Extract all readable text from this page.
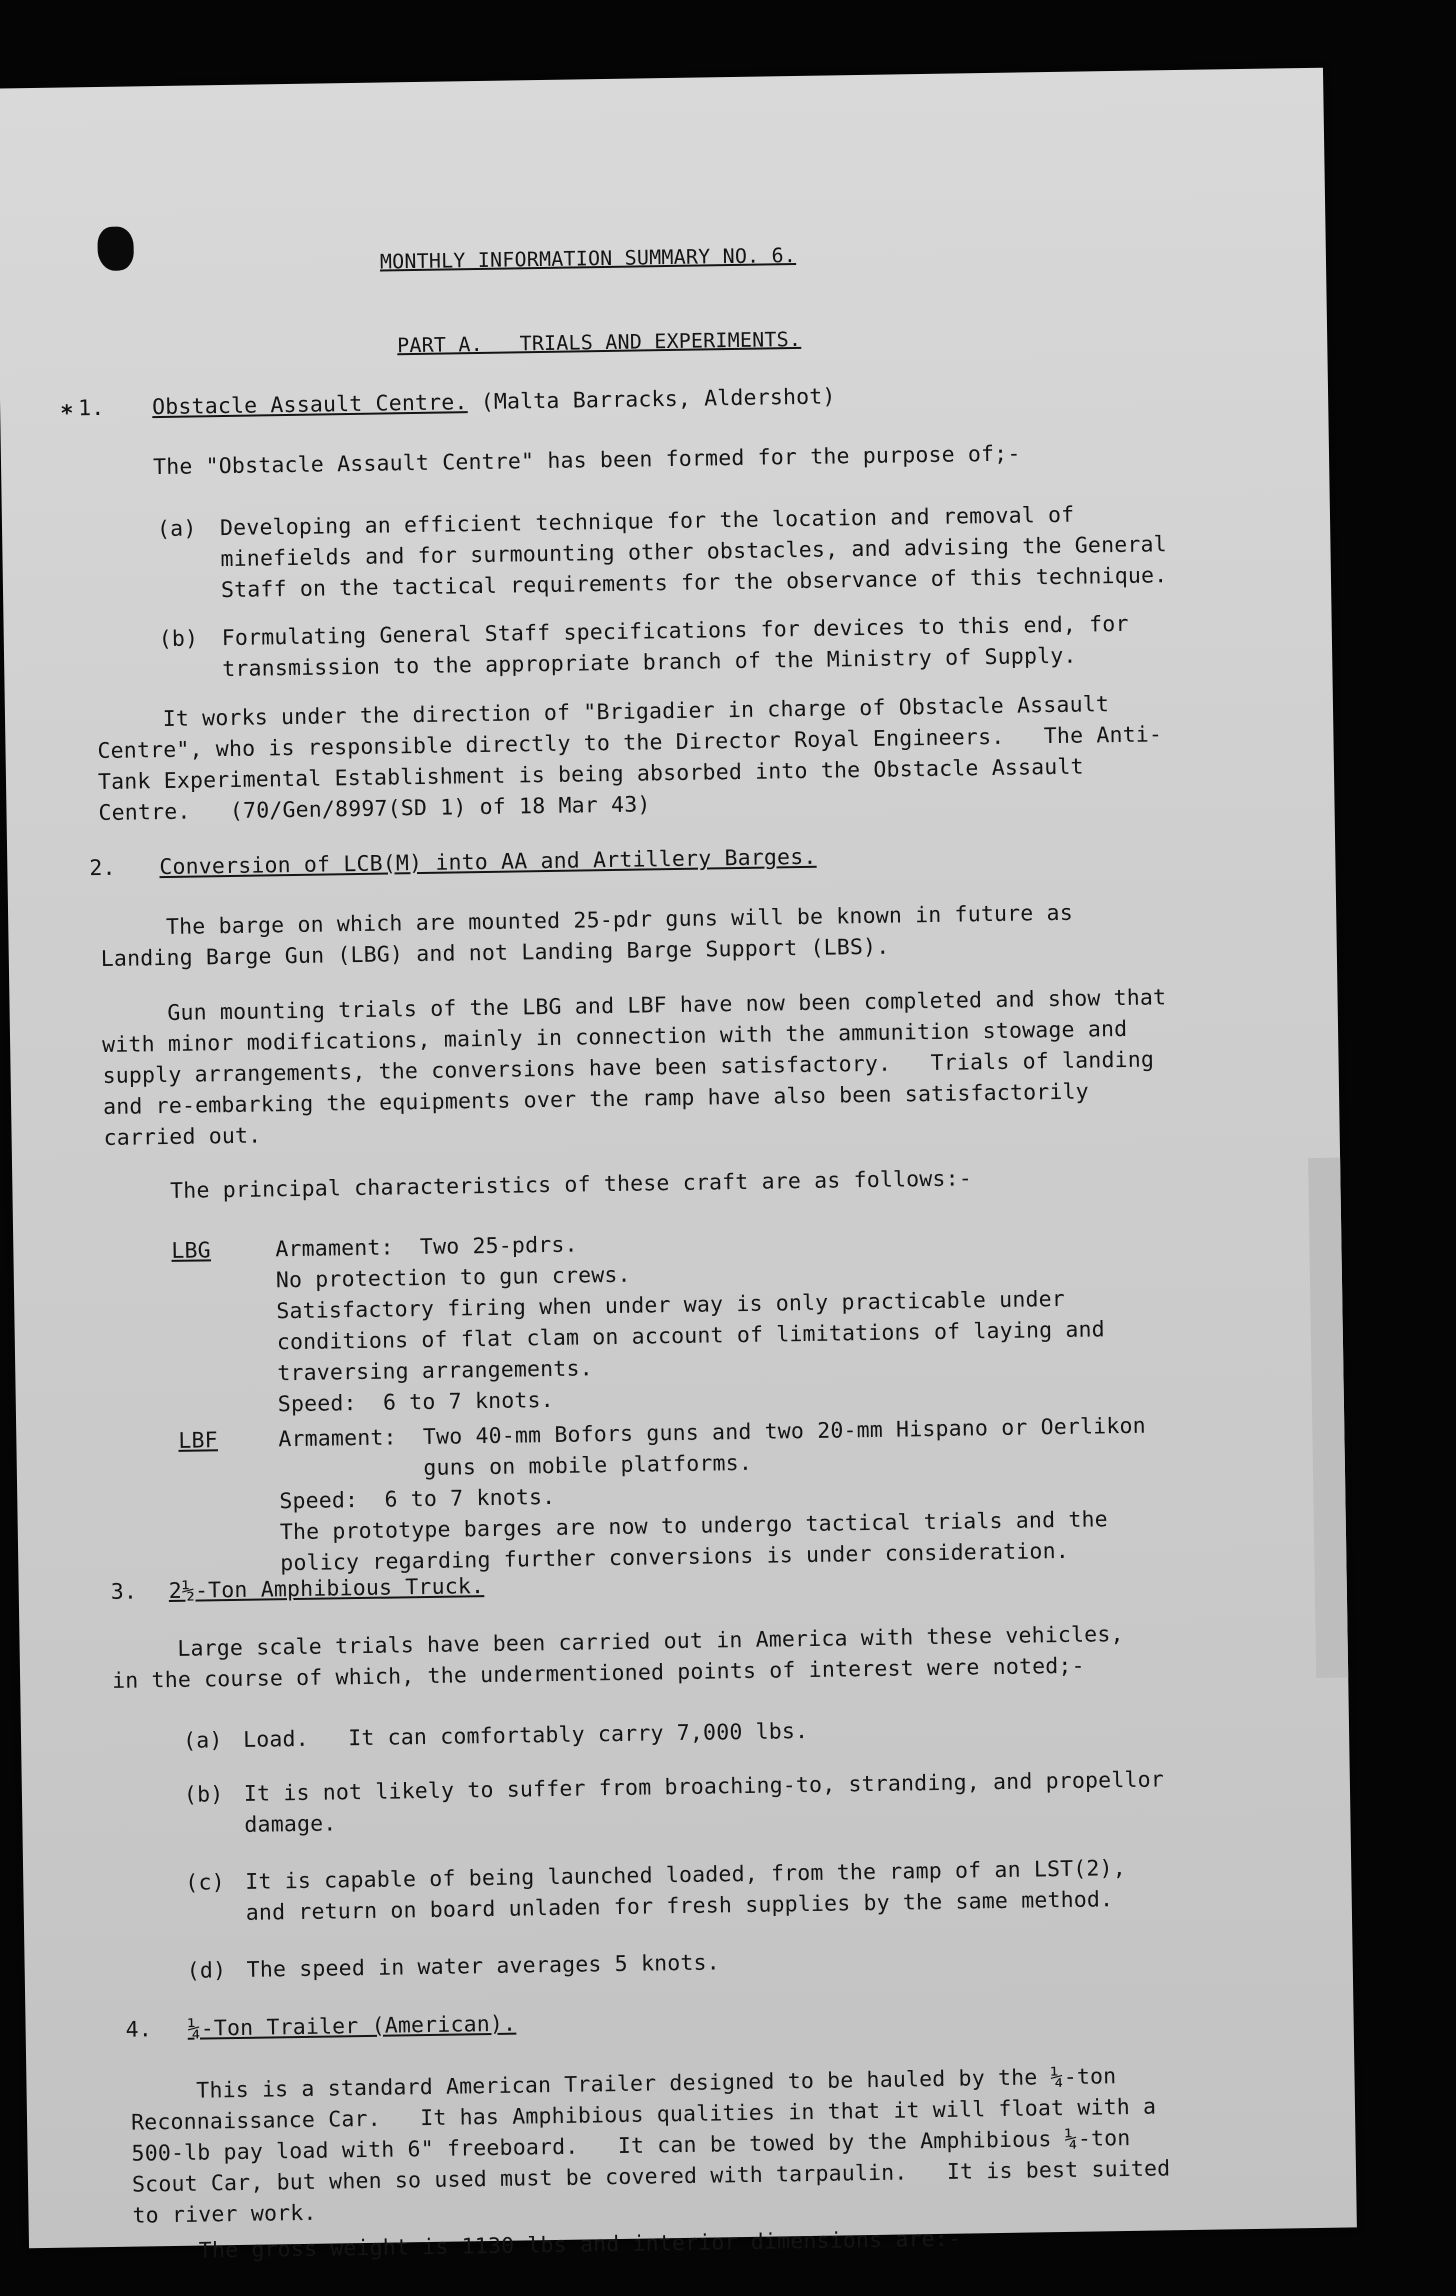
*
MONTHLY INFORMATION SUMMARY NO. 6.
PART A.   TRIALS AND EXPERIMENTS.
1. Obstacle Assault Centre. (Malta Barracks, Aldershot)
The "Obstacle Assault Centre" has been formed for the purpose of;-
(a) Developing an efficient technique for the location and removal of
minefields and for surmounting other obstacles, and advising the General
Staff on the tactical requirements for the observance of this technique.
(b) Formulating General Staff specifications for devices to this end, for
transmission to the appropriate branch of the Ministry of Supply.
It works under the direction of "Brigadier in charge of Obstacle Assault
Centre", who is responsible directly to the Director Royal Engineers.   The Anti-
Tank Experimental Establishment is being absorbed into the Obstacle Assault
Centre.   (70/Gen/8997(SD 1) of 18 Mar 43)
2. Conversion of LCB(M) into AA and Artillery Barges.
The barge on which are mounted 25-pdr guns will be known in future as
Landing Barge Gun (LBG) and not Landing Barge Support (LBS).
Gun mounting trials of the LBG and LBF have now been completed and show that
with minor modifications, mainly in connection with the ammunition stowage and
supply arrangements, the conversions have been satisfactory.   Trials of landing
and re-embarking the equipments over the ramp have also been satisfactorily
carried out.
The principal characteristics of these craft are as follows:-
LBG	Armament:  Two 25-pdrs.
No protection to gun crews.
Satisfactory firing when under way is only practicable under
conditions of flat clam on account of limitations of laying and
traversing arrangements.
Speed:  6 to 7 knots.
LBF	Armament:  Two 40-mm Bofors guns and two 20-mm Hispano or Oerlikon
guns on mobile platforms.
Speed:  6 to 7 knots.
The prototype barges are now to undergo tactical trials and the
policy regarding further conversions is under consideration.
3. 2½-Ton Amphibious Truck.
Large scale trials have been carried out in America with these vehicles,
in the course of which, the undermentioned points of interest were noted;-
(a) Load.   It can comfortably carry 7,000 lbs.
(b) It is not likely to suffer from broaching-to, stranding, and propellor
damage.
(c) It is capable of being launched loaded, from the ramp of an LST(2),
and return on board unladen for fresh supplies by the same method.
(d) The speed in water averages 5 knots.
4. ¼-Ton Trailer (American).
This is a standard American Trailer designed to be hauled by the ¼-ton
Reconnaissance Car.   It has Amphibious qualities in that it will float with a
500-lb pay load with 6" freeboard.   It can be towed by the Amphibious ¼-ton
Scout Car, but when so used must be covered with tarpaulin.   It is best suited
to river work.
The gross weight is 1130 lbs and interior dimensions are:-
